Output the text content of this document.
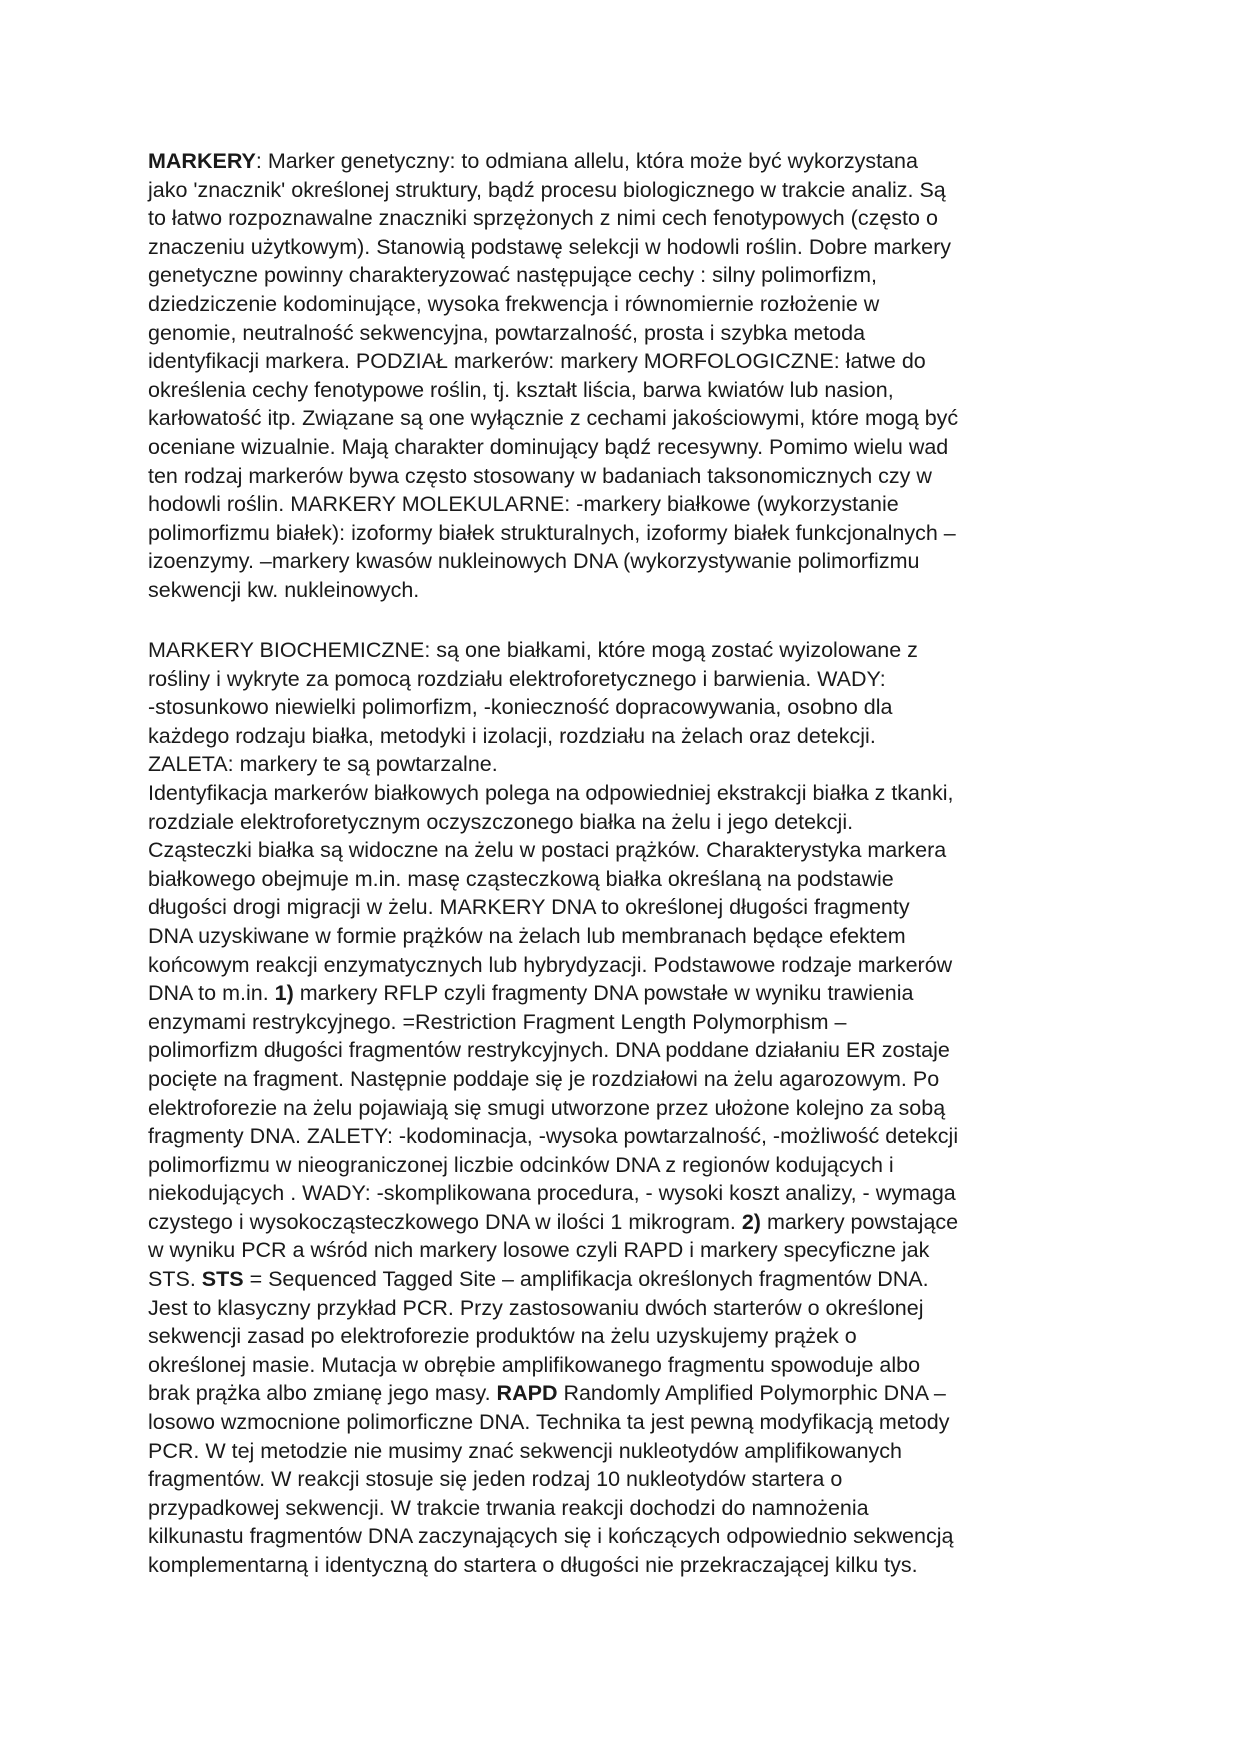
MARKERY: Marker genetyczny: to odmiana allelu, która może być wykorzystana
jako 'znacznik' określonej struktury, bądź procesu biologicznego w trakcie analiz. Są
to łatwo rozpoznawalne znaczniki sprzężonych z nimi cech fenotypowych (często o
znaczeniu użytkowym). Stanowią podstawę selekcji w hodowli roślin. Dobre markery
genetyczne powinny charakteryzować następujące cechy : silny polimorfizm,
dziedziczenie kodominujące, wysoka frekwencja i równomiernie rozłożenie w
genomie, neutralność sekwencyjna, powtarzalność, prosta i szybka metoda
identyfikacji markera. PODZIAŁ markerów: markery MORFOLOGICZNE: łatwe do
określenia cechy fenotypowe roślin, tj. kształt liścia, barwa kwiatów lub nasion,
karłowatość itp. Związane są one wyłącznie z cechami jakościowymi, które mogą być
oceniane wizualnie. Mają charakter dominujący bądź recesywny. Pomimo wielu wad
ten rodzaj markerów bywa często stosowany w badaniach taksonomicznych czy w
hodowli roślin. MARKERY MOLEKULARNE: -markery białkowe (wykorzystanie
polimorfizmu białek): izoformy białek strukturalnych, izoformy białek funkcjonalnych –
izoenzymy. –markery kwasów nukleinowych DNA (wykorzystywanie polimorfizmu
sekwencji kw. nukleinowych.
MARKERY BIOCHEMICZNE: są one białkami, które mogą zostać wyizolowane z
rośliny i wykryte za pomocą rozdziału elektroforetycznego i barwienia. WADY:
-stosunkowo niewielki polimorfizm, -konieczność dopracowywania, osobno dla
każdego rodzaju białka, metodyki i izolacji, rozdziału na żelach oraz detekcji.
ZALETA: markery te są powtarzalne.
Identyfikacja markerów białkowych polega na odpowiedniej ekstrakcji białka z tkanki,
rozdziale elektroforetycznym oczyszczonego białka na żelu i jego detekcji.
Cząsteczki białka są widoczne na żelu w postaci prążków. Charakterystyka markera
białkowego obejmuje m.in. masę cząsteczkową białka określaną na podstawie
długości drogi migracji w żelu. MARKERY DNA to określonej długości fragmenty
DNA uzyskiwane w formie prążków na żelach lub membranach będące efektem
końcowym reakcji enzymatycznych lub hybrydyzacji. Podstawowe rodzaje markerów
DNA to m.in. 1) markery RFLP czyli fragmenty DNA powstałe w wyniku trawienia
enzymami restrykcyjnego. =Restriction Fragment Length Polymorphism –
polimorfizm długości fragmentów restrykcyjnych. DNA poddane działaniu ER zostaje
pocięte na fragment. Następnie poddaje się je rozdziałowi na żelu agarozowym. Po
elektroforezie na żelu pojawiają się smugi utworzone przez ułożone kolejno za sobą
fragmenty DNA. ZALETY: -kodominacja, -wysoka powtarzalność, -możliwość detekcji
polimorfizmu w nieograniczonej liczbie odcinków DNA z regionów kodujących i
niekodujących . WADY: -skomplikowana procedura, - wysoki koszt analizy, - wymaga
czystego i wysokocząsteczkowego DNA w ilości 1 mikrogram. 2) markery powstające
w wyniku PCR a wśród nich markery losowe czyli RAPD i markery specyficzne jak
STS. STS = Sequenced Tagged Site – amplifikacja określonych fragmentów DNA.
Jest to klasyczny przykład PCR. Przy zastosowaniu dwóch starterów o określonej
sekwencji zasad po elektroforezie produktów na żelu uzyskujemy prążek o
określonej masie. Mutacja w obrębie amplifikowanego fragmentu spowoduje albo
brak prążka albo zmianę jego masy. RAPD Randomly Amplified Polymorphic DNA –
losowo wzmocnione polimorficzne DNA. Technika ta jest pewną modyfikacją metody
PCR. W tej metodzie nie musimy znać sekwencji nukleotydów amplifikowanych
fragmentów. W reakcji stosuje się jeden rodzaj 10 nukleotydów startera o
przypadkowej sekwencji. W trakcie trwania reakcji dochodzi do namnożenia
kilkunastu fragmentów DNA zaczynających się i kończących odpowiednio sekwencją
komplementarną i identyczną do startera o długości nie przekraczającej kilku tys.
